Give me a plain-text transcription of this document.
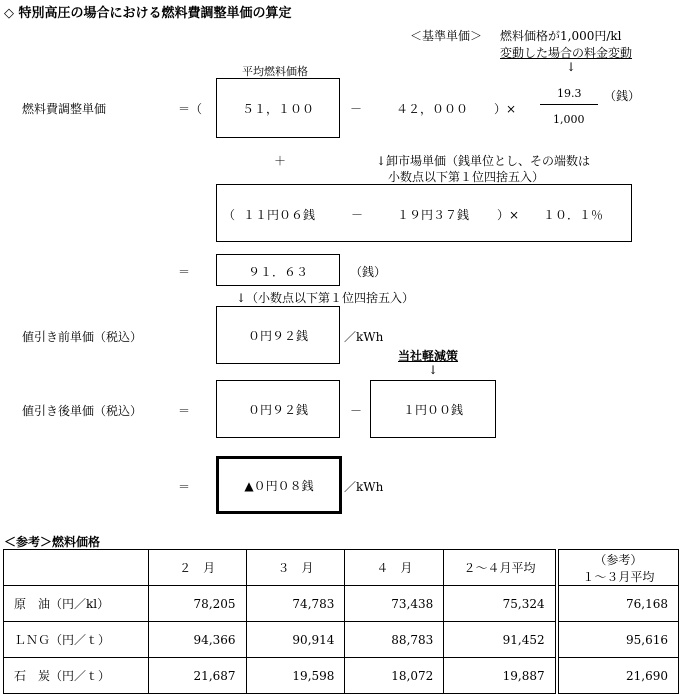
◇ 特別高圧の場合における燃料費調整単価の算定
＜基準単価＞ 燃料価格が1,000円/kl
変動した場合の料金変動
↓
平均燃料価格
燃料費調整単価	＝（	５１，１００	－	４２，０００ ）×
19.3
1,000
（銭）
＋	↓卸市場単価（銭単位とし、その端数は
小数点以下第１位四捨五入）
（ １１円０６銭	－	１９円３７銭 ）× １０．１％
＝	９１．６３	（銭）
↓（小数点以下第１位四捨五入）
値引き前単価（税込）	０円９２銭	／kWh
当社軽減策
↓
値引き後単価（税込）	＝	０円９２銭	－	１円００銭
＝	▲０円０８銭	／kWh
＜参考＞燃料価格
	２　月	３　月	４　月	２～４月平均	（参考）
１～３月平均

原　油（円／kl）	78,205	74,783	73,438	75,324	76,168
ＬＮＧ（円／ｔ）	94,366	90,914	88,783	91,452	95,616
石　炭（円／ｔ）	21,687	19,598	18,072	19,887	21,690
